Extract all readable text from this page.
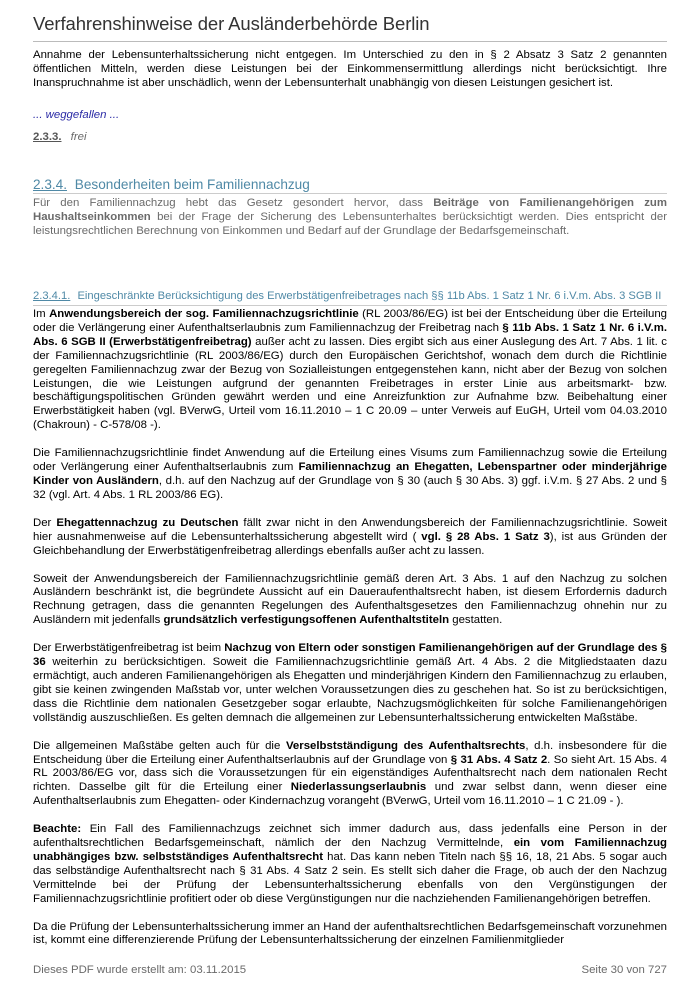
Verfahrenshinweise der Ausländerbehörde Berlin

Annahme der Lebensunterhaltssicherung nicht entgegen. Im Unterschied zu den in § 2 Absatz 3 Satz 2 genannten öffentlichen Mitteln, werden diese Leistungen bei der Einkommensermittlung allerdings nicht berücksichtigt. Ihre Inanspruchnahme ist aber unschädlich, wenn der Lebensunterhalt unabhängig von diesen Leistungen gesichert ist.

... weggefallen ...
2.3.3. frei
2.3.4. Besonderheiten beim Familiennachzug

Für den Familiennachzug hebt das Gesetz gesondert hervor, dass Beiträge von Familienangehörigen zum Haushaltseinkommen bei der Frage der Sicherung des Lebensunterhaltes berücksichtigt werden. Dies entspricht der leistungsrechtlichen Berechnung von Einkommen und Bedarf auf der Grundlage der Bedarfsgemeinschaft.

2.3.4.1. Eingeschränkte Berücksichtigung des Erwerbstätigenfreibetrages nach §§ 11b Abs. 1 Satz 1 Nr. 6 i.V.m. Abs. 3 SGB II

Im Anwendungsbereich der sog. Familiennachzugsrichtlinie (RL 2003/86/EG) ist bei der Entscheidung über die Erteilung oder die Verlängerung einer Aufenthaltserlaubnis zum Familiennachzug der Freibetrag nach § 11b Abs. 1 Satz 1 Nr. 6 i.V.m. Abs. 6 SGB II (Erwerbstätigenfreibetrag) außer acht zu lassen. Dies ergibt sich aus einer Auslegung des Art. 7 Abs. 1 lit. c der Familiennachzugsrichtlinie (RL 2003/86/EG) durch den Europäischen Gerichtshof, wonach dem durch die Richtlinie geregelten Familiennachzug zwar der Bezug von Sozialleistungen entgegenstehen kann, nicht aber der Bezug von solchen Leistungen, die wie Leistungen aufgrund der genannten Freibetrages in erster Linie aus arbeitsmarkt- bzw. beschäftigungspolitischen Gründen gewährt werden und eine Anreizfunktion zur Aufnahme bzw. Beibehaltung einer Erwerbstätigkeit haben (vgl. BVerwG, Urteil vom 16.11.2010 – 1 C 20.09 – unter Verweis auf EuGH, Urteil vom 04.03.2010 (Chakroun) - C-578/08 -).

Die Familiennachzugsrichtlinie findet Anwendung auf die Erteilung eines Visums zum Familiennachzug sowie die Erteilung oder Verlängerung einer Aufenthaltserlaubnis zum Familiennachzug an Ehegatten, Lebenspartner oder minderjährige Kinder von Ausländern, d.h. auf den Nachzug auf der Grundlage von § 30 (auch § 30 Abs. 3) ggf. i.V.m. § 27 Abs. 2 und § 32 (vgl. Art. 4 Abs. 1 RL 2003/86 EG).

Der Ehegattennachzug zu Deutschen fällt zwar nicht in den Anwendungsbereich der Familiennachzugsrichtlinie. Soweit hier ausnahmenweise auf die Lebensunterhaltssicherung abgestellt wird ( vgl. § 28 Abs. 1 Satz 3), ist aus Gründen der Gleichbehandlung der Erwerbstätigenfreibetrag allerdings ebenfalls außer acht zu lassen.

Soweit der Anwendungsbereich der Familiennachzugsrichtlinie gemäß deren Art. 3 Abs. 1 auf den Nachzug zu solchen Ausländern beschränkt ist, die begründete Aussicht auf ein Daueraufenthaltsrecht haben, ist diesem Erfordernis dadurch Rechnung getragen, dass die genannten Regelungen des Aufenthaltsgesetzes den Familiennachzug ohnehin nur zu Ausländern mit jedenfalls grundsätzlich verfestigungsoffenen Aufenthaltstiteln gestatten.

Der Erwerbstätigenfreibetrag ist beim Nachzug von Eltern oder sonstigen Familienangehörigen auf der Grundlage des § 36 weiterhin zu berücksichtigen. Soweit die Familiennachzugsrichtlinie gemäß Art. 4 Abs. 2 die Mitgliedstaaten dazu ermächtigt, auch anderen Familienangehörigen als Ehegatten und minderjährigen Kindern den Familiennachzug zu erlauben, gibt sie keinen zwingenden Maßstab vor, unter welchen Voraussetzungen dies zu geschehen hat. So ist zu berücksichtigen, dass die Richtlinie dem nationalen Gesetzgeber sogar erlaubte, Nachzugsmöglichkeiten für solche Familienangehörigen vollständig auszuschließen. Es gelten demnach die allgemeinen zur Lebensunterhaltssicherung entwickelten Maßstäbe.

Die allgemeinen Maßstäbe gelten auch für die Verselbstständigung des Aufenthaltsrechts, d.h. insbesondere für die Entscheidung über die Erteilung einer Aufenthaltserlaubnis auf der Grundlage von § 31 Abs. 4 Satz 2. So sieht Art. 15 Abs. 4 RL 2003/86/EG vor, dass sich die Voraussetzungen für ein eigenständiges Aufenthaltsrecht nach dem nationalen Recht richten. Dasselbe gilt für die Erteilung einer Niederlassungserlaubnis und zwar selbst dann, wenn dieser eine Aufenthaltserlaubnis zum Ehegatten- oder Kindernachzug vorangeht (BVerwG, Urteil vom 16.11.2010 – 1 C 21.09 - ).

Beachte: Ein Fall des Familiennachzugs zeichnet sich immer dadurch aus, dass jedenfalls eine Person in der aufenthaltsrechtlichen Bedarfsgemeinschaft, nämlich der den Nachzug Vermittelnde, ein vom Familiennachzug unabhängiges bzw. selbstständiges Aufenthaltsrecht hat. Das kann neben Titeln nach §§ 16, 18, 21 Abs. 5 sogar auch das selbständige Aufenthaltsrecht nach § 31 Abs. 4 Satz 2 sein. Es stellt sich daher die Frage, ob auch der den Nachzug Vermittelnde bei der Prüfung der Lebensunterhaltssicherung ebenfalls von den Vergünstigungen der Familiennachzugsrichtlinie profitiert oder ob diese Vergünstigungen nur die nachziehenden Familienangehörigen betreffen.

Da die Prüfung der Lebensunterhaltssicherung immer an Hand der aufenthaltsrechtlichen Bedarfsgemeinschaft vorzunehmen ist, kommt eine differenzierende Prüfung der Lebensunterhaltssicherung der einzelnen Familienmitglieder

Dieses PDF wurde erstellt am: 03.11.2015	Seite 30 von 727
